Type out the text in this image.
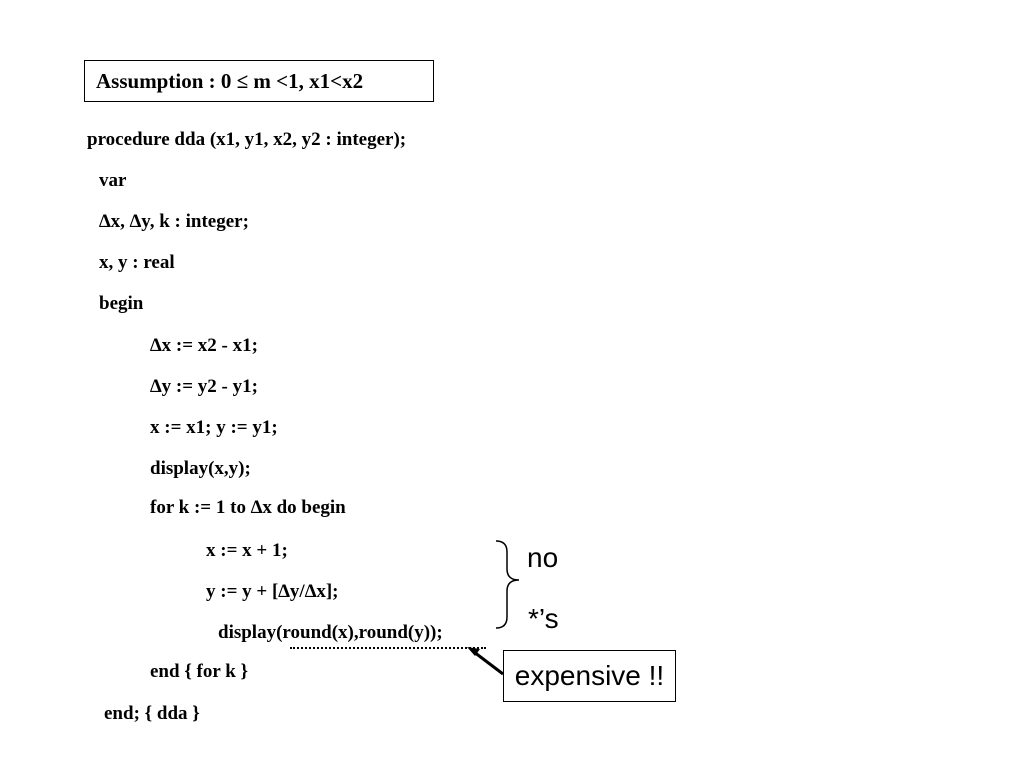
Assumption : 0 ≤ m <1, x1<x2
procedure dda (x1, y1, x2, y2 : integer);
var
∆x, ∆y, k : integer;
x, y : real
begin
∆x := x2 - x1;
∆y := y2 - y1;
x := x1; y := y1;
display(x,y);
for k := 1 to ∆x do begin
x := x + 1;
y := y + [∆y/∆x];
display(round(x),round(y));
end { for k }
end; { dda }
no
*’s
expensive !!
